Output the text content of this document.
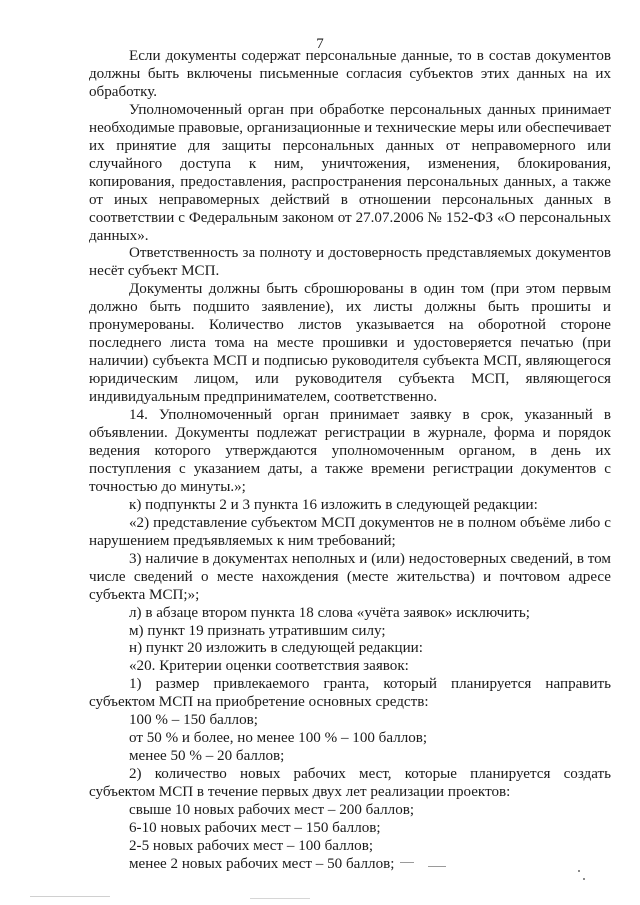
7

Если документы содержат персональные данные, то в состав документов должны быть включены письменные согласия субъектов этих данных на их обработку.

Уполномоченный орган при обработке персональных данных принимает необходимые правовые, организационные и технические меры или обеспечивает их принятие для защиты персональных данных от неправомерного или случайного доступа к ним, уничтожения, изменения, блокирования, копирования, предоставления, распространения персональных данных, а также от иных неправомерных действий в отношении персональных данных в соответствии с Федеральным законом от 27.07.2006 № 152-ФЗ «О персональных данных».

Ответственность за полноту и достоверность представляемых документов несёт субъект МСП.

Документы должны быть сброшюрованы в один том (при этом первым должно быть подшито заявление), их листы должны быть прошиты и пронумерованы. Количество листов указывается на оборотной стороне последнего листа тома на месте прошивки и удостоверяется печатью (при наличии) субъекта МСП и подписью руководителя субъекта МСП, являющегося юридическим лицом, или руководителя субъекта МСП, являющегося индивидуальным предпринимателем, соответственно.

14. Уполномоченный орган принимает заявку в срок, указанный в объявлении. Документы подлежат регистрации в журнале, форма и порядок ведения которого утверждаются уполномоченным органом, в день их поступления с указанием даты, а также времени регистрации документов с точностью до минуты.»;

к) подпункты 2 и 3 пункта 16 изложить в следующей редакции:

«2) представление субъектом МСП документов не в полном объёме либо с нарушением предъявляемых к ним требований;

3) наличие в документах неполных и (или) недостоверных сведений, в том числе сведений о месте нахождения (месте жительства) и почтовом адресе субъекта МСП;»;

л) в абзаце втором пункта 18 слова «учёта заявок» исключить;

м) пункт 19 признать утратившим силу;

н) пункт 20 изложить в следующей редакции:

«20. Критерии оценки соответствия заявок:

1) размер привлекаемого гранта, который планируется направить субъектом МСП на приобретение основных средств:

100 % – 150 баллов;

от 50 % и более, но менее 100 % – 100 баллов;

менее 50 % – 20 баллов;

2) количество новых рабочих мест, которые планируется создать субъектом МСП в течение первых двух лет реализации проектов:

свыше 10 новых рабочих мест – 200 баллов;

6-10 новых рабочих мест – 150 баллов;

2-5 новых рабочих мест – 100 баллов;

менее 2 новых рабочих мест – 50 баллов;
